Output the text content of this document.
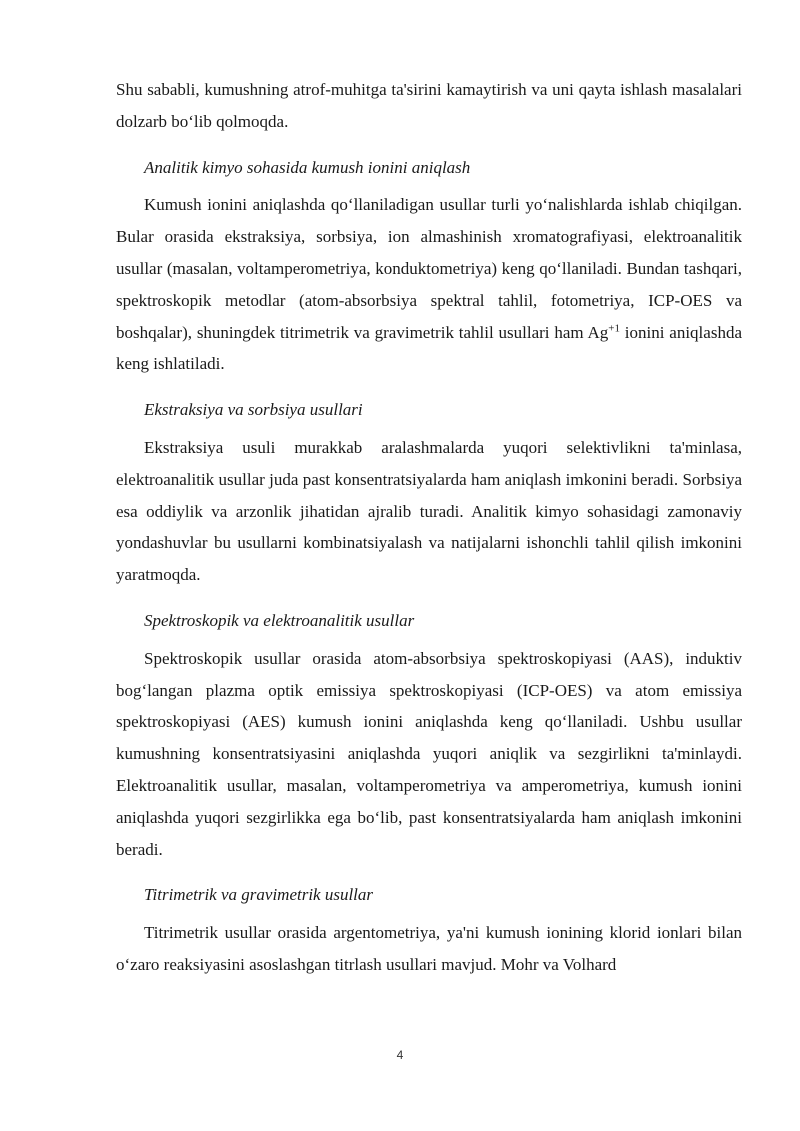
Shu sababli, kumushning atrof-muhitga ta'sirini kamaytirish va uni qayta ishlash masalalari dolzarb bo‘lib qolmoqda.

Analitik kimyo sohasida kumush ionini aniqlash

Kumush ionini aniqlashda qo‘llaniladigan usullar turli yo‘nalishlarda ishlab chiqilgan. Bular orasida ekstraksiya, sorbsiya, ion almashinish xromatografiyasi, elektroanalitik usullar (masalan, voltamperometriya, konduktometriya) keng qo‘llaniladi. Bundan tashqari, spektroskopik metodlar (atom-absorbsiya spektral tahlil, fotometriya, ICP-OES va boshqalar), shuningdek titrimetrik va gravimetrik tahlil usullari ham $Ag^{+1}$ ionini aniqlashda keng ishlatiladi.

Ekstraksiya va sorbsiya usullari

Ekstraksiya usuli murakkab aralashmalarda yuqori selektivlikni ta'minlasa, elektroanalitik usullar juda past konsentratsiyalarda ham aniqlash imkonini beradi. Sorbsiya esa oddiylik va arzonlik jihatidan ajralib turadi. Analitik kimyo sohasidagi zamonaviy yondashuvlar bu usullarni kombinatsiyalash va natijalarni ishonchli tahlil qilish imkonini yaratmoqda.

Spektroskopik va elektroanalitik usullar

Spektroskopik usullar orasida atom-absorbsiya spektroskopiyasi (AAS), induktiv bog‘langan plazma optik emissiya spektroskopiyasi (ICP-OES) va atom emissiya spektroskopiyasi (AES) kumush ionini aniqlashda keng qo‘llaniladi. Ushbu usullar kumushning konsentratsiyasini aniqlashda yuqori aniqlik va sezgirlikni ta'minlaydi. Elektroanalitik usullar, masalan, voltamperometriya va amperometriya, kumush ionini aniqlashda yuqori sezgirlikka ega bo‘lib, past konsentratsiyalarda ham aniqlash imkonini beradi.

Titrimetrik va gravimetrik usullar

Titrimetrik usullar orasida argentometriya, ya'ni kumush ionining klorid ionlari bilan o‘zaro reaksiyasini asoslashgan titrlash usullari mavjud. Mohr va Volhard

4
